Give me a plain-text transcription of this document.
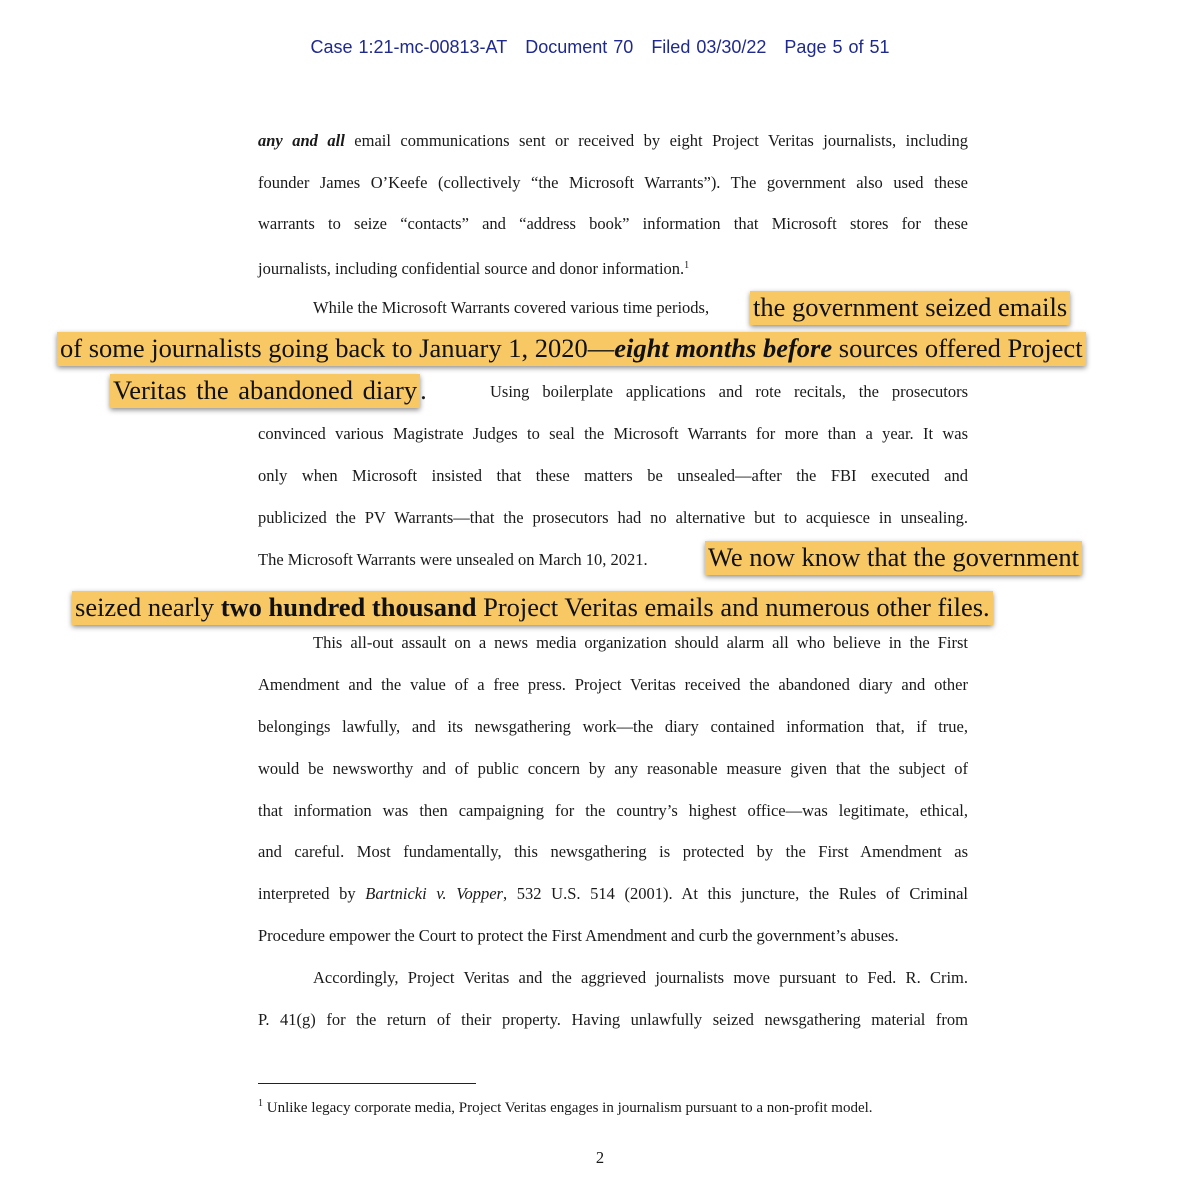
Case 1:21-mc-00813-AT Document 70 Filed 03/30/22 Page 5 of 51
any and all email communications sent or received by eight Project Veritas journalists, including
founder James O’Keefe (collectively “the Microsoft Warrants”). The government also used these
warrants to seize “contacts” and “address book” information that Microsoft stores for these
journalists, including confidential source and donor information.$^1$
While the Microsoft Warrants covered various time periods, the government seized emails
of some journalists going back to January 1, 2020—eight months before sources offered Project
Veritas the abandoned diary .	Using boilerplate applications and rote recitals, the prosecutors
convinced various Magistrate Judges to seal the Microsoft Warrants for more than a year. It was
only when Microsoft insisted that these matters be unsealed—after the FBI executed and
publicized the PV Warrants—that the prosecutors had no alternative but to acquiesce in unsealing.
The Microsoft Warrants were unsealed on March 10, 2021. We now know that the government
seized nearly two hundred thousand Project Veritas emails and numerous other files.
This all-out assault on a news media organization should alarm all who believe in the First
Amendment and the value of a free press. Project Veritas received the abandoned diary and other
belongings lawfully, and its newsgathering work—the diary contained information that, if true,
would be newsworthy and of public concern by any reasonable measure given that the subject of
that information was then campaigning for the country’s highest office—was legitimate, ethical,
and careful. Most fundamentally, this newsgathering is protected by the First Amendment as
interpreted by Bartnicki v. Vopper, 532 U.S. 514 (2001). At this juncture, the Rules of Criminal
Procedure empower the Court to protect the First Amendment and curb the government’s abuses.
Accordingly, Project Veritas and the aggrieved journalists move pursuant to Fed. R. Crim.
P. 41(g) for the return of their property. Having unlawfully seized newsgathering material from
$^1$ Unlike legacy corporate media, Project Veritas engages in journalism pursuant to a non-profit model.
2
